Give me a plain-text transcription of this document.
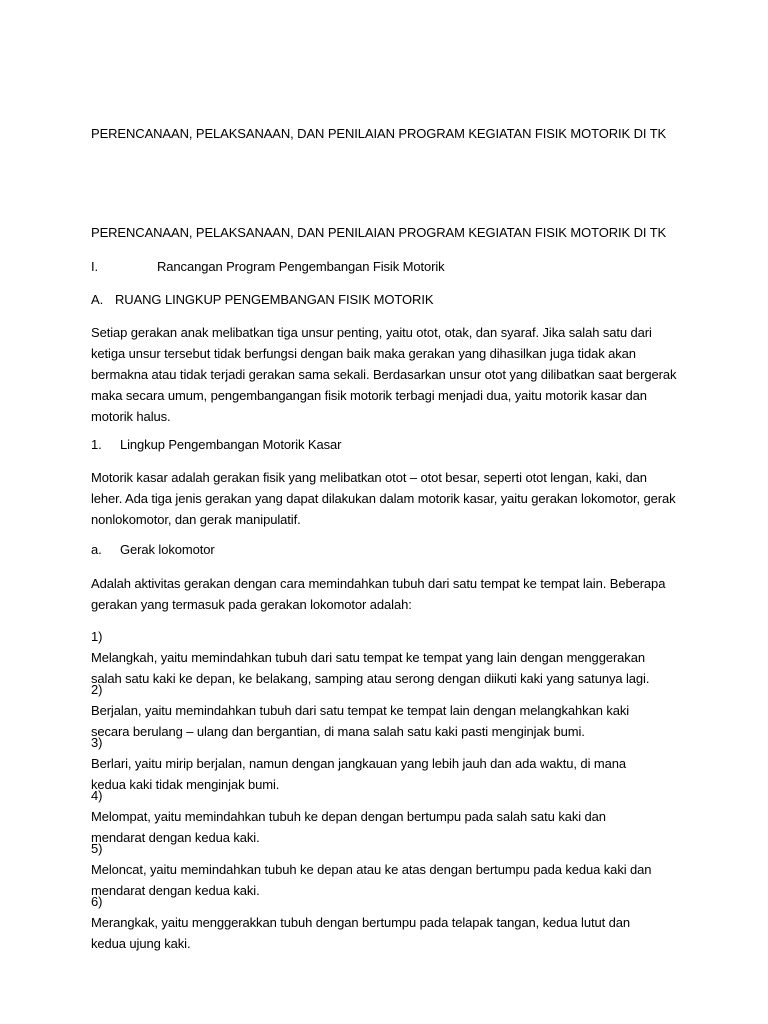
PERENCANAAN, PELAKSANAAN, DAN PENILAIAN PROGRAM KEGIATAN FISIK MOTORIK DI TK

PERENCANAAN, PELAKSANAAN, DAN PENILAIAN PROGRAM KEGIATAN FISIK MOTORIK DI TK

I.	Rancangan Program Pengembangan Fisik Motorik

A. RUANG LINGKUP PENGEMBANGAN FISIK MOTORIK

Setiap gerakan anak melibatkan tiga unsur penting, yaitu otot, otak, dan syaraf. Jika salah satu dari
ketiga unsur tersebut tidak berfungsi dengan baik maka gerakan yang dihasilkan juga tidak akan
bermakna atau tidak terjadi gerakan sama sekali. Berdasarkan unsur otot yang dilibatkan saat bergerak
maka secara umum, pengembangangan fisik motorik terbagi menjadi dua, yaitu motorik kasar dan
motorik halus.

1. Lingkup Pengembangan Motorik Kasar

Motorik kasar adalah gerakan fisik yang melibatkan otot – otot besar, seperti otot lengan, kaki, dan
leher. Ada tiga jenis gerakan yang dapat dilakukan dalam motorik kasar, yaitu gerakan lokomotor, gerak
nonlokomotor, dan gerak manipulatif.

a. Gerak lokomotor

Adalah aktivitas gerakan dengan cara memindahkan tubuh dari satu tempat ke tempat lain. Beberapa
gerakan yang termasuk pada gerakan lokomotor adalah:
1)
Melangkah, yaitu memindahkan tubuh dari satu tempat ke tempat yang lain dengan menggerakan
salah satu kaki ke depan, ke belakang, samping atau serong dengan diikuti kaki yang satunya lagi.
2)
Berjalan, yaitu memindahkan tubuh dari satu tempat ke tempat lain dengan melangkahkan kaki
secara berulang – ulang dan bergantian, di mana salah satu kaki pasti menginjak bumi.
3)
Berlari, yaitu mirip berjalan, namun dengan jangkauan yang lebih jauh dan ada waktu, di mana
kedua kaki tidak menginjak bumi.
4)
Melompat, yaitu memindahkan tubuh ke depan dengan bertumpu pada salah satu kaki dan
mendarat dengan kedua kaki.
5)
Meloncat, yaitu memindahkan tubuh ke depan atau ke atas dengan bertumpu pada kedua kaki dan
mendarat dengan kedua kaki.
6)
Merangkak, yaitu menggerakkan tubuh dengan bertumpu pada telapak tangan, kedua lutut dan
kedua ujung kaki.
